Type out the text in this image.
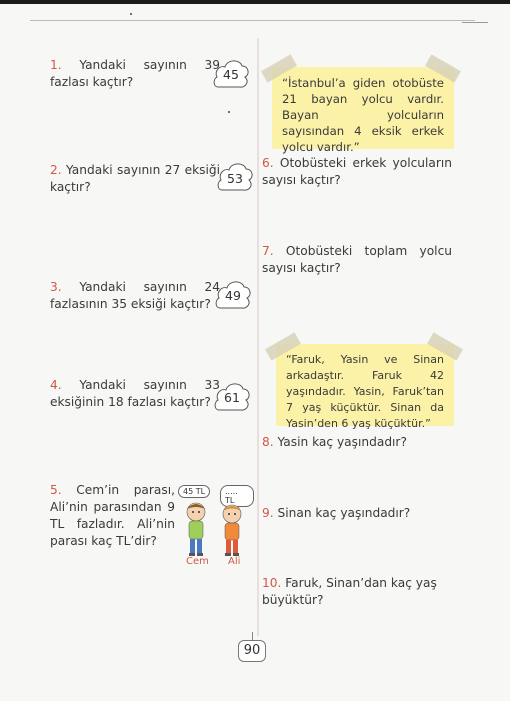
1. Yandaki sayının 39 fazlası kaçtır?	45
2. Yandaki sayının 27 eksiği kaçtır?
53
3. Yandaki sayının 24 fazlasının 35 eksiği kaçtır?
49
4. Yandaki sayının 33 eksiğinin 18 fazlası kaçtır?	61
5. Cem’in parası, Ali’nin parasından 9 TL fazladır. Ali’nin parası kaç TL’dir?
45 TL	..... TL
Cem Ali
“İstanbul’a giden otobüste 21 bayan yolcu vardır. Bayan yolcuların sayısından 4 eksik erkek yolcu vardır.”
6. Otobüsteki erkek yolcuların sayısı kaçtır?
7. Otobüsteki toplam yolcu sayısı kaçtır?
“Faruk, Yasin ve Sinan arkadaştır. Faruk 42 yaşındadır. Yasin, Faruk’tan 7 yaş küçüktür. Sinan da Yasin’den 6 yaş küçüktür.”
8. Yasin kaç yaşındadır?
9. Sinan kaç yaşındadır?
10. Faruk, Sinan’dan kaç yaş büyüktür?
90
